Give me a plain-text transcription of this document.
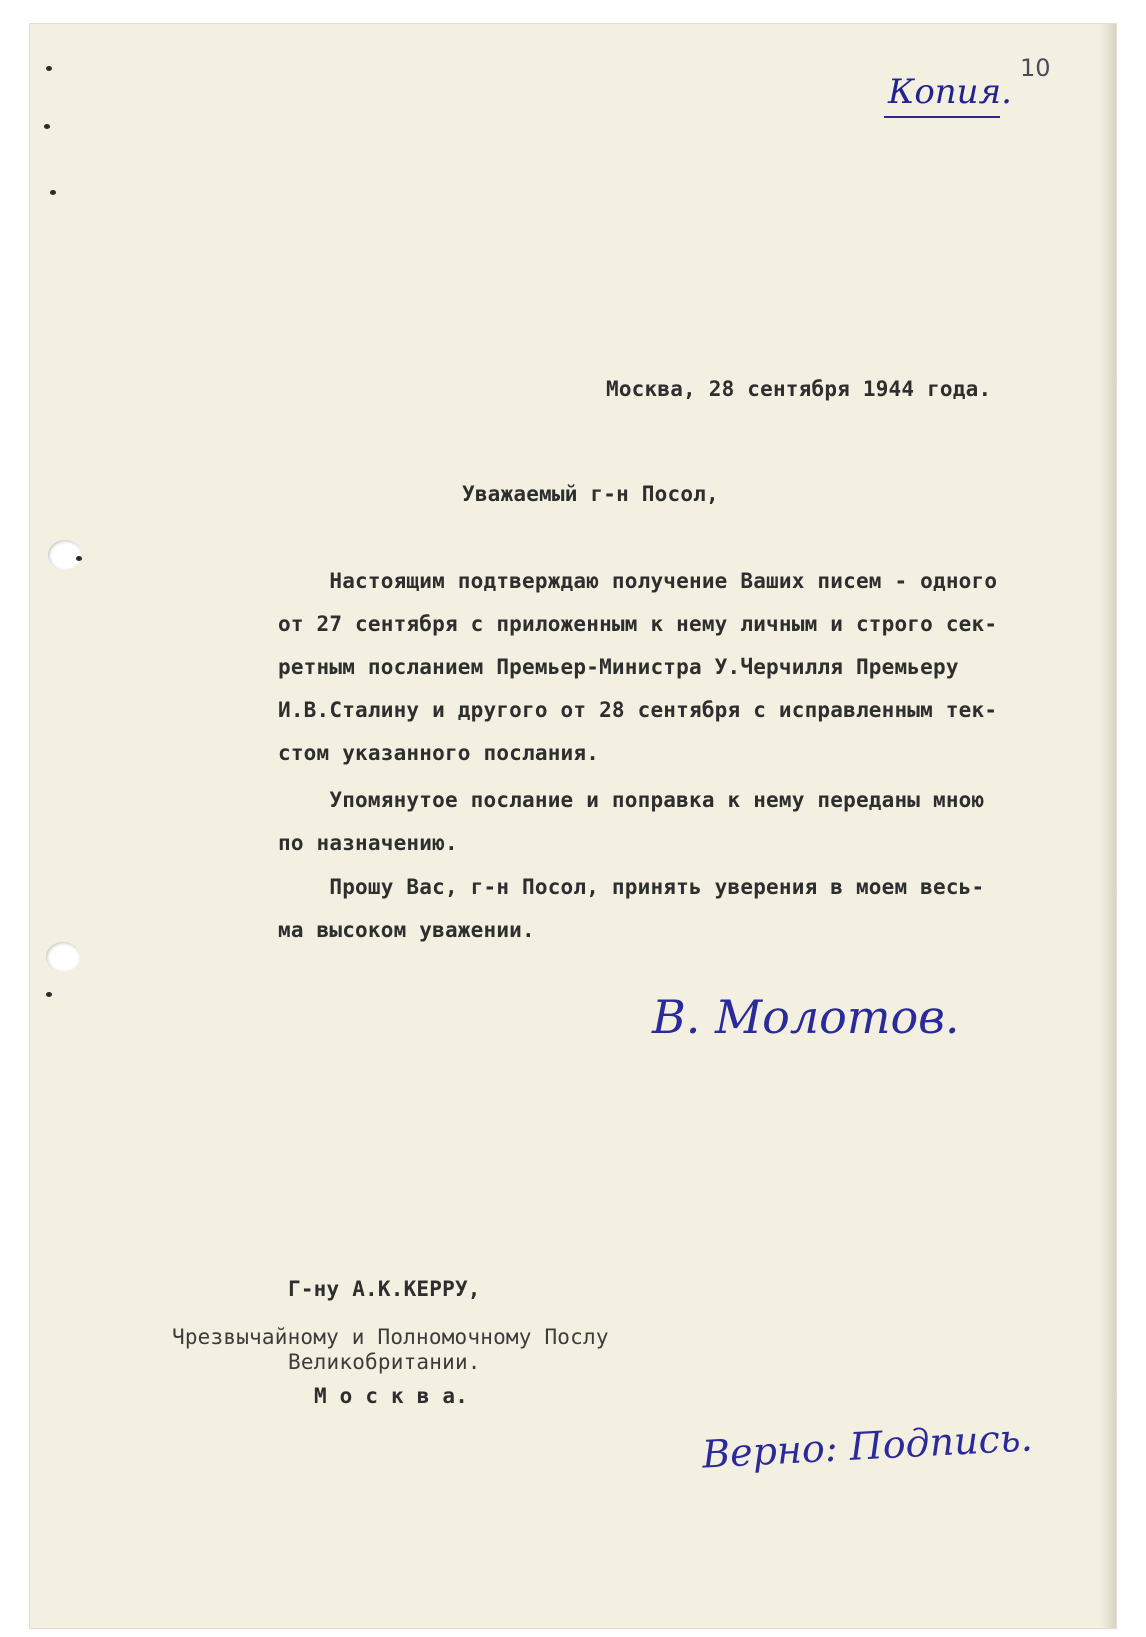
10
Копия.
Москва, 28 сентября 1944 года.
Уважаемый г-н Посол,
Настоящим подтверждаю получение Ваших писем - одного
от 27 сентября с приложенным к нему личным и строго сек-
ретным посланием Премьер-Министра У.Черчилля Премьеру
И.В.Сталину и другого от 28 сентября с исправленным тек-
стом указанного послания.
Упомянутое послание и поправка к нему переданы мною
по назначению.
Прошу Вас, г-н Посол, принять уверения в моем весь-
ма высоком уважении.
В. Молотов.
Г-ну А.К.КЕРРУ,
Чрезвычайному и Полномочному Послу
Великобритании.
М о с к в а.
Верно: Подпись.
